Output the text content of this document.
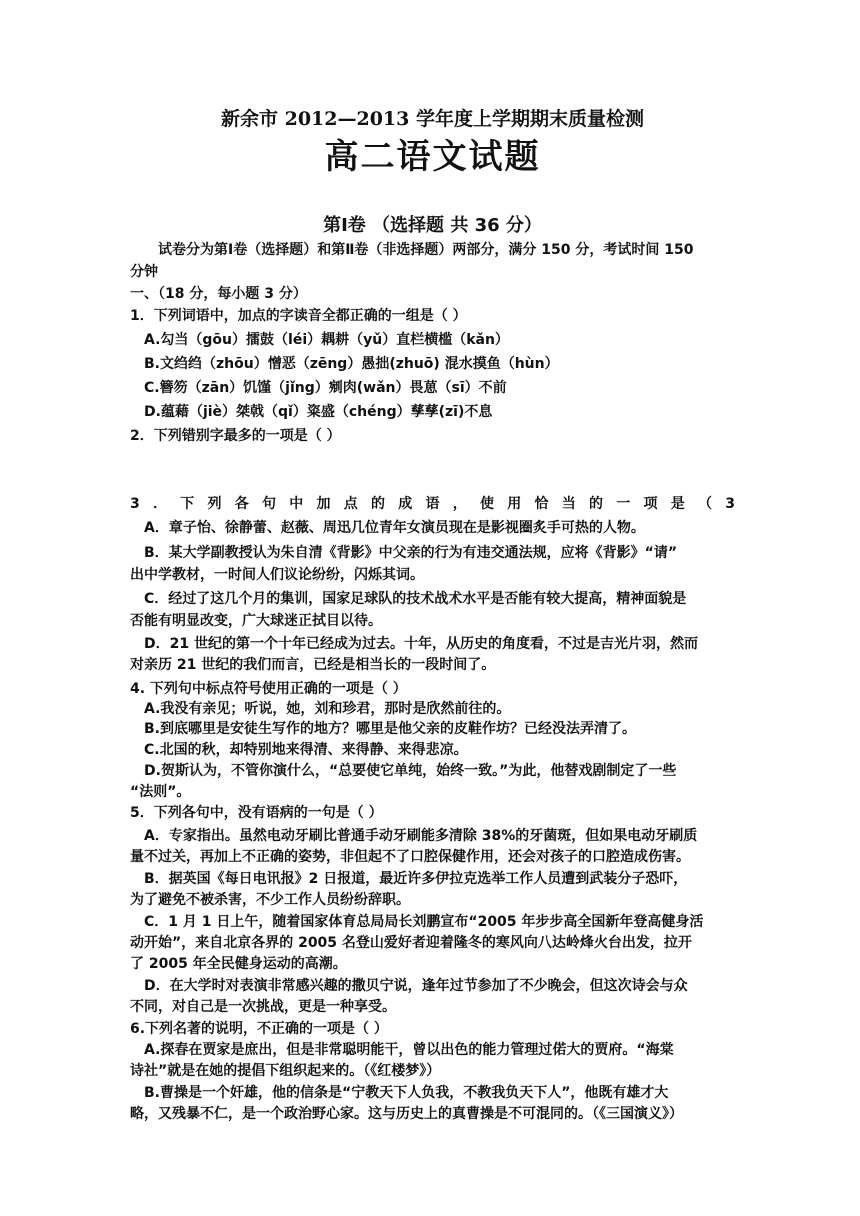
新余市 2012—2013 学年度上学期期末质量检测
高二语文试题
第Ⅰ卷 （选择题 共 36 分）
试卷分为第Ⅰ卷（选择题）和第Ⅱ卷（非选择题）两部分，满分 150 分，考试时间 150
分钟
一、（18 分，每小题 3 分）
1．下列词语中，加点的字读音全都正确的一组是（ ）
A.勾当（gōu）擂鼓（léi）耦耕（yǔ）直栏横槛（kǎn）
B.文绉绉（zhōu）憎恶（zēng）愚拙(zhuō) 混水摸鱼（hùn）
C.簪笏（zān）饥馑（jǐng）剜肉(wǎn）畏葸（sī）不前
D.蕴藉（jiè）桀戟（qǐ）粢盛（chéng）孳孳(zī)不息
2．下列错别字最多的一项是（ ）
3 ． 下 列 各 句 中 加 点 的 成 语 ， 使 用 恰 当 的 一 项 是 （ 3
A．章子怡、徐静蕾、赵薇、周迅几位青年女演员现在是影视圈炙手可热的人物。
B．某大学副教授认为朱自清《背影》中父亲的行为有违交通法规，应将《背影》“请”
出中学教材，一时间人们议论纷纷，闪烁其词。
C．经过了这几个月的集训，国家足球队的技术战术水平是否能有较大提高，精神面貌是
否能有明显改变，广大球迷正拭目以待。
D．21 世纪的第一个十年已经成为过去。十年，从历史的角度看，不过是吉光片羽，然而
对亲历 21 世纪的我们而言，已经是相当长的一段时间了。
4. 下列句中标点符号使用正确的一项是（ ）
A.我没有亲见；听说，她，刘和珍君，那时是欣然前往的。
B.到底哪里是安徒生写作的地方？哪里是他父亲的皮鞋作坊？已经没法弄清了。
C.北国的秋，却特别地来得清、来得静、来得悲凉。
D.贺斯认为，不管你演什么，“总要使它单纯，始终一致。”为此，他替戏剧制定了一些
“法则”。
5．下列各句中，没有语病的一句是（ ）
A．专家指出。虽然电动牙刷比普通手动牙刷能多清除 38%的牙菌斑，但如果电动牙刷质
量不过关，再加上不正确的姿势，非但起不了口腔保健作用，还会对孩子的口腔造成伤害。
B．据英国《每日电讯报》2 日报道，最近许多伊拉克选举工作人员遭到武装分子恐吓，
为了避免不被杀害，不少工作人员纷纷辞职。
C．1 月 1 日上午，随着国家体育总局局长刘鹏宣布“2005 年步步高全国新年登高健身活
动开始”，来自北京各界的 2005 名登山爱好者迎着隆冬的寒风向八达岭烽火台出发，拉开
了 2005 年全民健身运动的高潮。
D．在大学时对表演非常感兴趣的撒贝宁说，逢年过节参加了不少晚会，但这次诗会与众
不同，对自己是一次挑战，更是一种享受。
6.下列名著的说明，不正确的一项是（ ）
A.探春在贾家是庶出，但是非常聪明能干，曾以出色的能力管理过偌大的贾府。“海棠
诗社”就是在她的提倡下组织起来的。（《红楼梦》）
B.曹操是一个奸雄，他的信条是“宁教天下人负我，不教我负天下人”，他既有雄才大
略，又残暴不仁，是一个政治野心家。这与历史上的真曹操是不可混同的。（《三国演义》）
